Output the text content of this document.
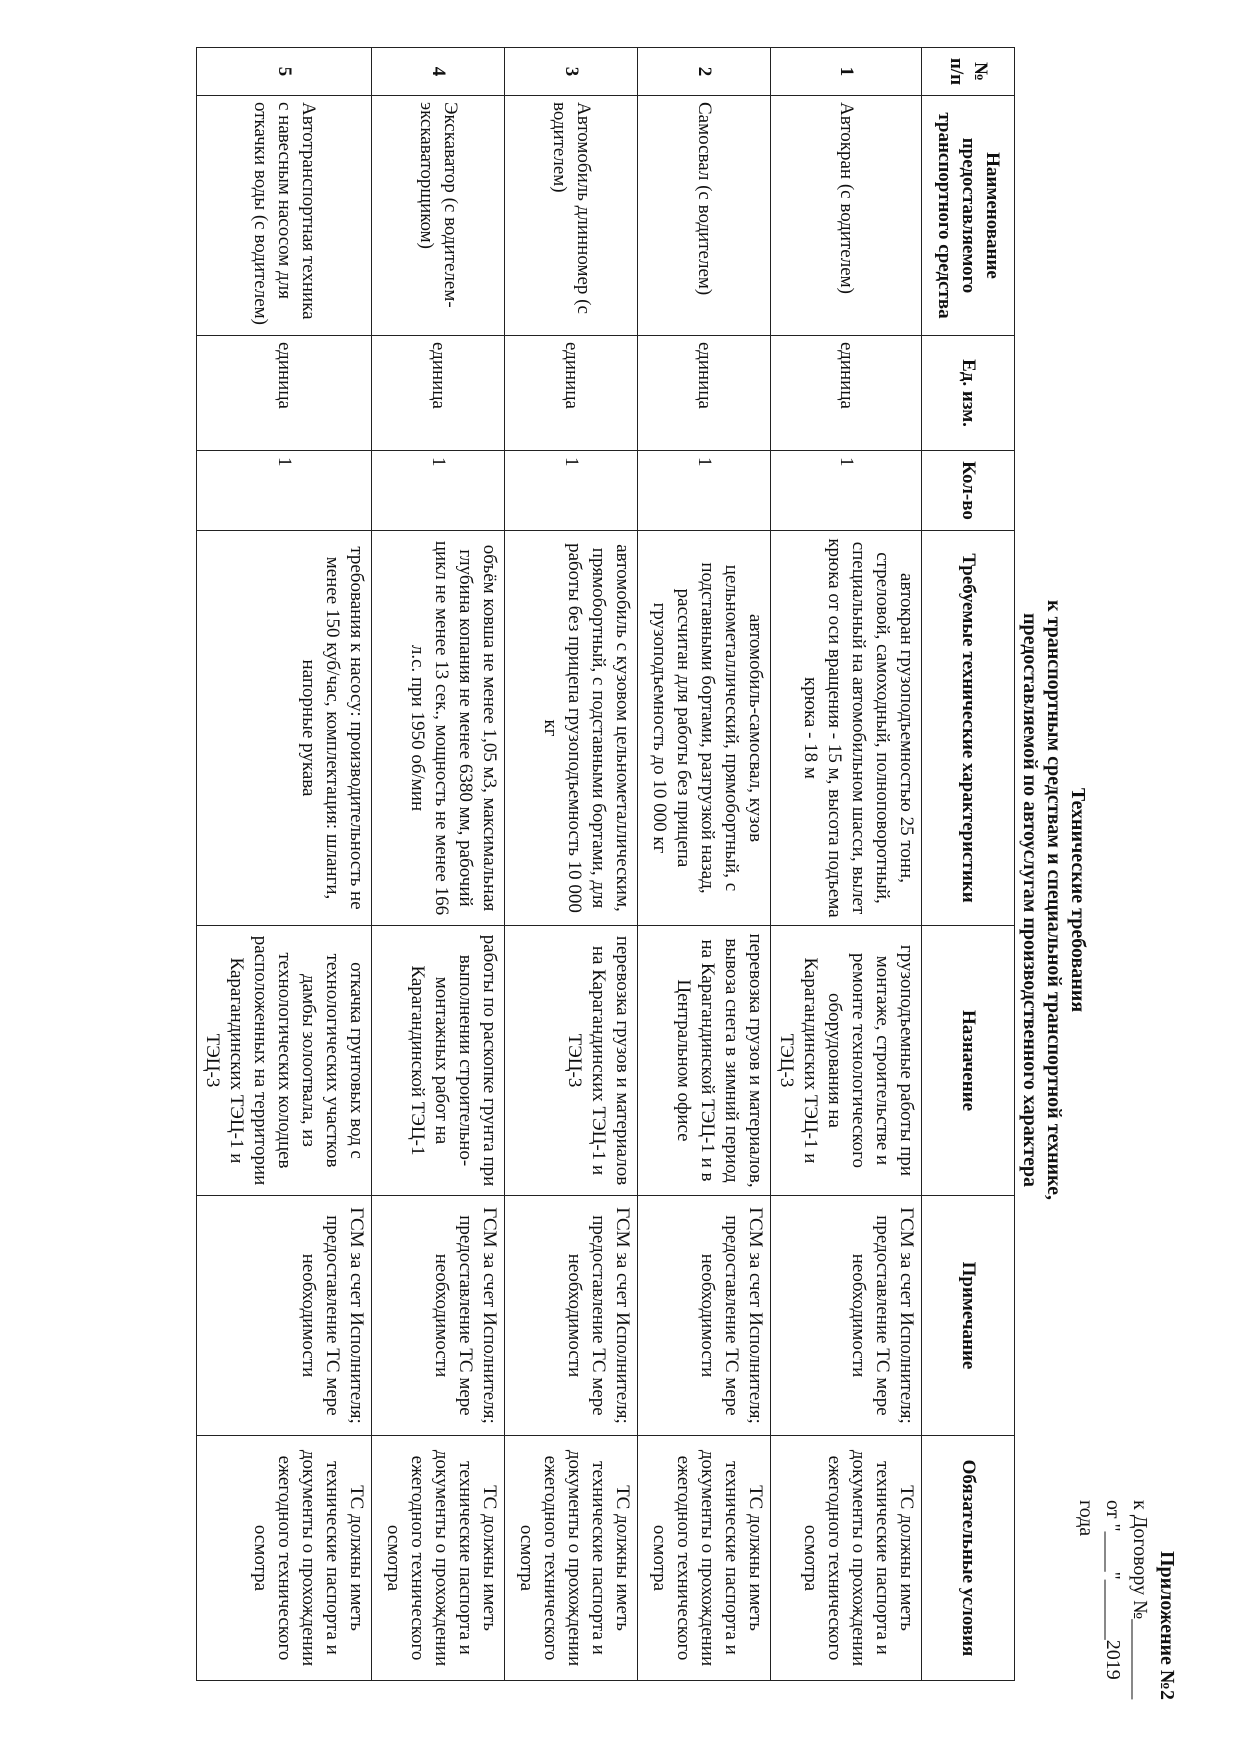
Приложение №2
к Договору №________
от "____"______2019 года
Технические требования
к транспортным средствам и специальной транспортной технике,
предоставляемой по автоуслугам производственного характера
№ п/п	Наименование предоставляемого транспортного средства	Ед. изм.	Кол-во	Требуемые технические характеристики	Назначение	Примечание	Обязательные условия
1	Автокран (с водителем)	единица	1	автокран грузоподъемностью 25 тонн, стреловой, самоходный, полноповоротный, специальный на автомобильном шасси, вылет крюка от оси вращения - 15 м, высота подъема крюка - 18 м	грузоподъемные работы при монтаже, строительстве и ремонте технологического оборудования на Карагандинских ТЭЦ-1 и ТЭЦ-3	ГСМ за счет Исполнителя; предоставление ТС мере необходимости	ТС должны иметь технические паспорта и документы о прохождении ежегодного технического осмотра
2	Самосвал (с водителем)	единица	1	автомобиль-самосвал, кузов цельнометаллический, прямобортный, с подставными бортами, разгрузкой назад, рассчитан для работы без прицепа грузоподъемность до 10 000 кг	перевозка грузов и материалов, вывоза снега в зимний период на Карагандинской ТЭЦ-1 и в Центральном офисе	ГСМ за счет Исполнителя; предоставление ТС мере необходимости	ТС должны иметь технические паспорта и документы о прохождении ежегодного технического осмотра
3	Автомобиль длинномер (с водителем)	единица	1	автомобиль с кузовом цельнометаллическим, прямобортный, с подставными бортами, для работы без прицепа грузоподъемность 10 000 кг	перевозка грузов и материалов на Карагандинских ТЭЦ-1 и ТЭЦ-3	ГСМ за счет Исполнителя; предоставление ТС мере необходимости	ТС должны иметь технические паспорта и документы о прохождении ежегодного технического осмотра
4	Экскаватор (с водителем-экскаваторщиком)	единица	1	объём ковша не менее 1,05 м3, максимальная глубина копания не менее 6380 мм, рабочий цикл не менее 13 сек., мощность не менее 166 л.с. при 1950 об/мин	работы по раскопке грунта при выполнении строительно-монтажных работ на Карагандинской ТЭЦ-1	ГСМ за счет Исполнителя; предоставление ТС мере необходимости	ТС должны иметь технические паспорта и документы о прохождении ежегодного технического осмотра
5	Автотранспортная техника с навесным насосом для откачки воды (с водителем)	единица	1	требования к насосу: производительность не менее 150 куб/час, комплектация: шланги, напорные рукава	откачка грунтовых вод с технологических участков дамбы золоотвала, из технологических колодцев расположенных на территории Карагандинских ТЭЦ-1 и ТЭЦ-3	ГСМ за счет Исполнителя; предоставление ТС мере необходимости	ТС должны иметь технические паспорта и документы о прохождении ежегодного технического осмотра
